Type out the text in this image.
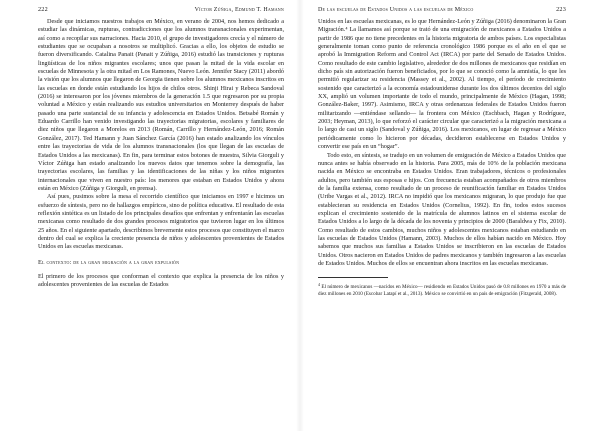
222	Víctor Zúñiga, Edmund T. Hamann

Desde que iniciamos nuestros trabajos en México, en verano de 2004, nos hemos dedicado a estudiar las dinámicas, rupturas, contradicciones que los alumnos transnacionales experimentan, así como a recopilar sus narraciones. Hacia 2010, el grupo de investigadores crecía y el número de estudiantes que se ocupaban a nosotros se multiplicó. Gracias a ello, los objetos de estudio se fueron diversificando. Catalina Panait (Panait y Zúñiga, 2016) estudió las transiciones y rupturas lingüísticas de los niños migrantes escolares; unos que pasan la mitad de la vida escolar en escuelas de Minnesota y la otra mitad en Los Ramones, Nuevo León. Jennifer Stacy (2011) abordó la visión que los alumnos que llegaron de Georgia tienen sobre los alumnos mexicanos inscritos en las escuelas en donde están estudiando los hijos de chilos otros. Shinji Hirai y Rebeca Sandoval (2016) se interesaron por los jóvenes miembros de la generación 1.5 que regresaron por su propia voluntad a México y están realizando sus estudios universitarios en Monterrey después de haber pasado una parte sustancial de su infancia y adolescencia en Estados Unidos. Betsabé Román y Eduardo Carrillo han venido investigando las trayectorias migratorias, escolares y familiares de diez niños que llegaron a Morelos en 2013 (Román, Carrillo y Hernández-León, 2016; Román González, 2017). Ted Hamann y Juan Sánchez García (2016) han estado analizando los vínculos entre las trayectorias de vida de los alumnos transnacionales (los que llegan de las escuelas de Estados Unidos a las mexicanas). En fin, para terminar estos botones de muestra, Silvia Giorguli y Víctor Zúñiga han estado analizando los nuevos datos que tenemos sobre la demografía, las trayectorias escolares, las familias y las identificaciones de las niñas y los niños migrantes internacionales que viven en nuestro país: los menores que estaban en Estados Unidos y ahora están en México (Zúñiga y Giorguli, en prensa).

Así pues, pusimos sobre la mesa el recorrido científico que iniciamos en 1997 e hicimos un esfuerzo de síntesis, pero no de hallazgos empíricos, sino de política educativa. El resultado de esta reflexión sintética es un listado de los principales desafíos que enfrentan y enfrentarán las escuelas mexicanas como resultado de dos grandes procesos migratorios que tuvieron lugar en los últimos 25 años. En el siguiente apartado, describimos brevemente estos procesos que constituyen el marco dentro del cual se explica la creciente presencia de niños y adolescentes provenientes de Estados Unidos en las escuelas mexicanas.

El contexto: de la gran migración a la gran expulsión

El primero de los procesos que conforman el contexto que explica la presencia de los niños y adolescentes provenientes de las escuelas de Estados

De las escuelas de Estados Unidos a las escuelas de México	223

Unidos en las escuelas mexicanas, es lo que Hernández-León y Zúñiga (2016) denominaron la Gran Migración.⁴ La llamamos así porque se trató de una emigración de mexicanos a Estados Unidos a partir de 1986 que no tiene precedentes en la historia migratoria de ambos países. Los especialistas generalmente toman como punto de referencia cronológico 1986 porque es el año en el que se aprobó la Immigration Reform and Control Act (IRCA) por parte del Senado de Estados Unidos. Como resultado de este cambio legislativo, alrededor de dos millones de mexicanos que residían en dicho país sin autorización fueron beneficiados, por lo que se conoció como la amnistía, lo que les permitió regularizar su residencia (Massey et al., 2002). Al tiempo, el período de crecimiento sostenido que caracterizó a la economía estadounidense durante los dos últimos decenios del siglo XX, amplió un volumen importante de todo el mundo, principalmente de México (Hagan, 1998; González-Baker, 1997). Asimismo, IRCA y otras ordenanzas federales de Estados Unidos fueron militarizando —entiéndase sellando— la frontera con México (Eschbach, Hagan y Rodríguez, 2003; Heyman, 2013), lo que reforzó el carácter circular que caracterizó a la migración mexicana a lo largo de casi un siglo (Sandoval y Zúñiga, 2016). Los mexicanos, en lugar de regresar a México periódicamente como lo hicieron por décadas, decidieron establecerse en Estados Unidos y convertir ese país en un “hogar”.

Todo esto, en síntesis, se tradujo en un volumen de emigración de México a Estados Unidos que nunca antes se había observado en la historia. Para 2005, más de 10% de la población mexicana nacida en México se encontraba en Estados Unidos. Eran trabajadores, técnicos o profesionales adultos, pero también sus esposas e hijos. Con frecuencia estaban acompañados de otros miembros de la familia extensa, como resultado de un proceso de reunificación familiar en Estados Unidos (Uribe Vargas et al., 2012). IRCA no impidió que los mexicanos migraran, lo que produjo fue que establecieran su residencia en Estados Unidos (Cornelius, 1992). En fin, todos estos sucesos explican el crecimiento sostenido de la matrícula de alumnos latinos en el sistema escolar de Estados Unidos a lo largo de la década de los noventa y principios de 2000 (Baraldwa y Fix, 2010). Como resultado de estos cambios, muchos niños y adolescentes mexicanos estaban estudiando en las escuelas de Estados Unidos (Hamann, 2003). Muchos de ellos habían nacido en México. Hoy sabemos que muchos sus familias a Estados Unidos se inscribieron en las escuelas de Estados Unidos. Otros nacieron en Estados Unidos de padres mexicanos y también ingresaron a las escuelas de Estados Unidos. Muchos de ellos se encuentran ahora inscritos en las escuelas mexicanas.

$^4$ El número de mexicanos —nacidos en México— residiendo en Estados Unidos pasó de 0.8 millones en 1970 a más de diez millones en 2010 (Escobar Latapí et al., 2013). México se convirtió en un país de emigración (Fitzgerald, 2008).
